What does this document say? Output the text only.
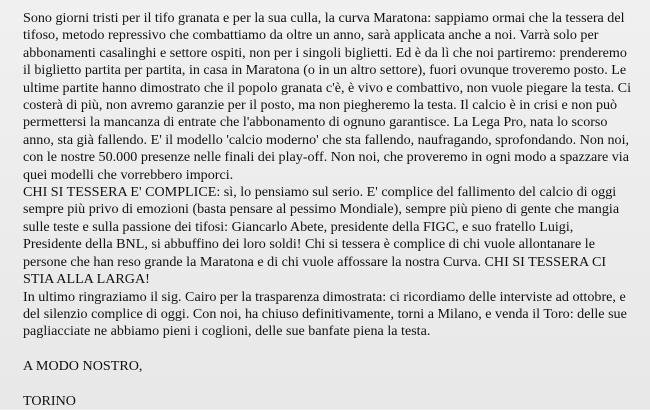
Sono giorni tristi per il tifo granata e per la sua culla, la curva Maratona: sappiamo ormai che la tessera del
tifoso, metodo repressivo che combattiamo da oltre un anno, sarà applicata anche a noi. Varrà solo per
abbonamenti casalinghi e settore ospiti, non per i singoli biglietti. Ed è da lì che noi partiremo: prenderemo
il biglietto partita per partita, in casa in Maratona (o in un altro settore), fuori ovunque troveremo posto. Le
ultime partite hanno dimostrato che il popolo granata c'è, è vivo e combattivo, non vuole piegare la testa. Ci
costerà di più, non avremo garanzie per il posto, ma non piegheremo la testa. Il calcio è in crisi e non può
permettersi la mancanza di entrate che l'abbonamento di ognuno garantisce. La Lega Pro, nata lo scorso
anno, sta già fallendo. E' il modello 'calcio moderno' che sta fallendo, naufragando, sprofondando. Non noi,
con le nostre 50.000 presenze nelle finali dei play-off. Non noi, che proveremo in ogni modo a spazzare via
quei modelli che vorrebbero imporci.

CHI SI TESSERA E' COMPLICE: sì, lo pensiamo sul serio. E' complice del fallimento del calcio di oggi
sempre più privo di emozioni (basta pensare al pessimo Mondiale), sempre più pieno di gente che mangia
sulle teste e sulla passione dei tifosi: Giancarlo Abete, presidente della FIGC, e suo fratello Luigi,
Presidente della BNL, si abbuffino dei loro soldi! Chi si tessera è complice di chi vuole allontanare le
persone che han reso grande la Maratona e di chi vuole affossare la nostra Curva. CHI SI TESSERA CI
STIA ALLA LARGA!

In ultimo ringraziamo il sig. Cairo per la trasparenza dimostrata: ci ricordiamo delle interviste ad ottobre, e
del silenzio complice di oggi. Con noi, ha chiuso definitivamente, torni a Milano, e venda il Toro: delle sue
pagliacciate ne abbiamo pieni i coglioni, delle sue banfate piena la testa.

A MODO NOSTRO,

TORINO
